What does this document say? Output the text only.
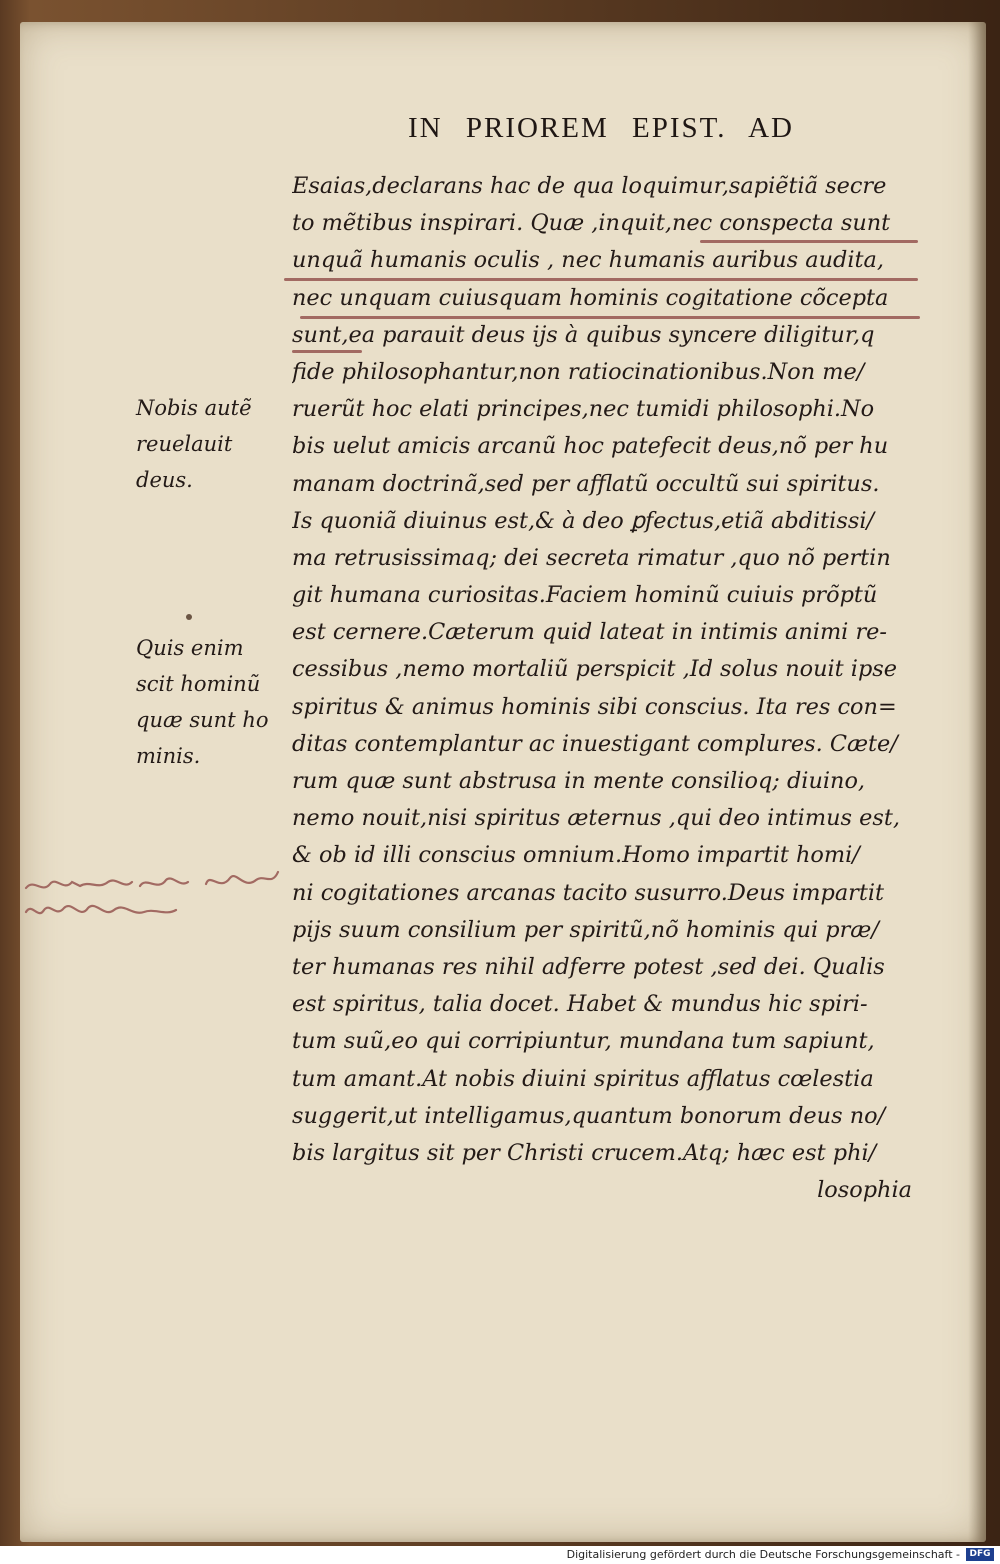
IN PRIOREM EPIST. AD
Esaias,declarans hac de qua loquimur,sapiẽtiã secre
to mẽtibus inspirari. Quæ ,inquit,nec conspecta sunt
unquã humanis oculis , nec humanis auribus audita,
nec unquam cuiusquam hominis cogitatione cõcepta
sunt,ea parauit deus ijs à quibus syncere diligitur,q
fide philosophantur,non ratiocinationibus.Non me/
ruerũt hoc elati principes,nec tumidi philosophi.No
bis uelut amicis arcanũ hoc patefecit deus,nõ per hu
manam doctrinã,sed per afflatũ occultũ sui spiritus.
Is quoniã diuinus est,& à deo ꝑfectus,etiã abditissi/
ma retrusissimaq; dei secreta rimatur ,quo nõ pertin
git humana curiositas.Faciem hominũ cuiuis prõptũ
est cernere.Cæterum quid lateat in intimis animi re-
cessibus ,nemo mortaliũ perspicit ,Id solus nouit ipse
spiritus & animus hominis sibi conscius. Ita res con=
ditas contemplantur ac inuestigant complures. Cæte/
rum quæ sunt abstrusa in mente consilioq; diuino,
nemo nouit,nisi spiritus æternus ,qui deo intimus est,
& ob id illi conscius omnium.Homo impartit homi/
ni cogitationes arcanas tacito susurro.Deus impartit
pijs suum consilium per spiritũ,nõ hominis qui præ/
ter humanas res nihil adferre potest ,sed dei. Qualis
est spiritus, talia docet. Habet & mundus hic spiri-
tum suũ,eo qui corripiuntur, mundana tum sapiunt,
tum amant.At nobis diuini spiritus afflatus cœlestia
suggerit,ut intelligamus,quantum bonorum deus no/
bis largitus sit per Christi crucem.Atq; hæc est phi/
losophia
Nobis autẽ
reuelauit
deus.
Quis enim
scit hominũ
quæ sunt ho
minis.
Digitalisierung gefördert durch die Deutsche Forschungsgemeinschaft -	DFG
